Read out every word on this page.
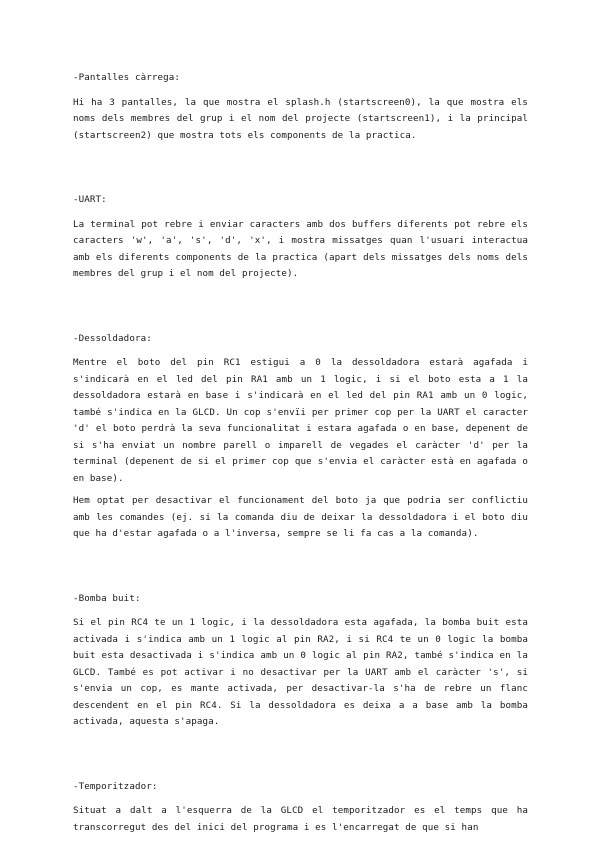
-Pantalles càrrega:
Hi ha 3 pantalles, la que mostra el splash.h (startscreen0), la que mostra els noms dels membres del grup i el nom del projecte (startscreen1), i la principal (startscreen2) que mostra tots els components de la practica.
-UART:
La terminal pot rebre i enviar caracters amb dos buffers diferents pot rebre els caracters 'w', 'a', 's', 'd', 'x', i mostra missatges quan l'usuari interactua amb els diferents components de la practica (apart dels missatges dels noms dels membres del grup i el nom del projecte).
-Dessoldadora:
Mentre el boto del pin RC1 estigui a 0 la dessoldadora estarà agafada i s'indicarà en el led del pin RA1 amb un 1 logic, i si el boto esta a 1 la dessoldadora estarà en base i s'indicarà en el led del pin RA1 amb un 0 logic, també s'indica en la GLCD. Un cop s'envïi per primer cop per la UART el caracter 'd' el boto perdrà la seva funcionalitat i estara agafada o en base, depenent de si s'ha enviat un nombre parell o imparell de vegades el caràcter 'd' per la terminal (depenent de si el primer cop que s'envia el caràcter està en agafada o en base).
Hem optat per desactivar el funcionament del boto ja que podria ser conflictiu amb les comandes (ej. si la comanda diu de deixar la dessoldadora i el boto diu que ha d'estar agafada o a l'inversa, sempre se li fa cas a la comanda).
-Bomba buit:
Si el pin RC4 te un 1 logic, i la dessoldadora esta agafada, la bomba buit esta activada i s'indica amb un 1 logic al pin RA2, i si RC4 te un 0 logic la bomba buit esta desactivada i s'indica amb un 0 logic al pin RA2, també s'indica en la GLCD. També es pot activar i no desactivar per la UART amb el caràcter 's', si s'envia un cop, es mante activada, per desactivar-la s'ha de rebre un flanc descendent en el pin RC4. Si la dessoldadora es deixa a a base amb la bomba activada, aquesta s'apaga.
-Temporitzador:
Situat a dalt a l'esquerra de la GLCD el temporitzador es el temps que ha transcorregut des del inici del programa i es l'encarregat de que si han
